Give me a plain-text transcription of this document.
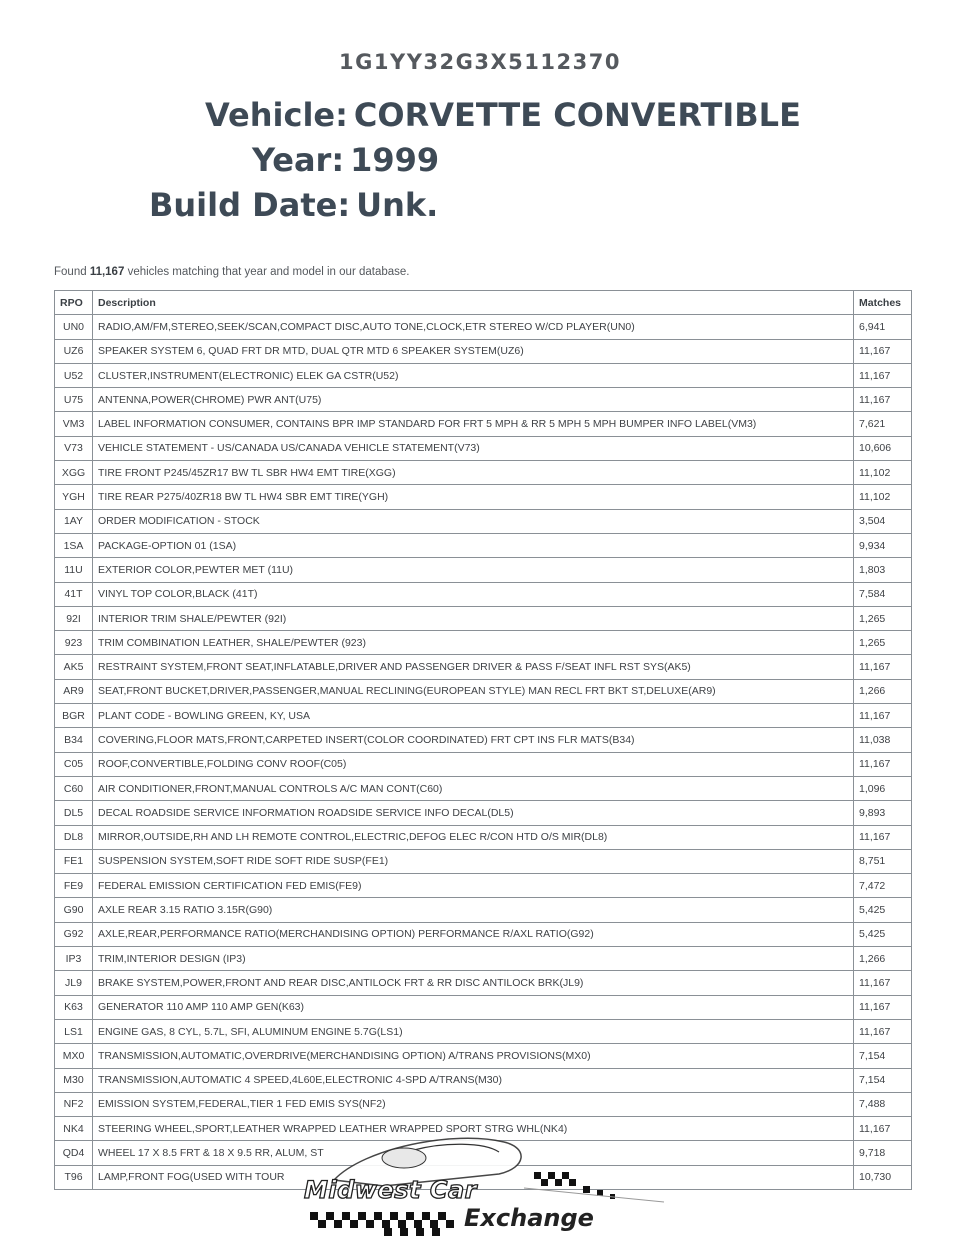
1G1YY32G3X5112370
Vehicle: CORVETTE CONVERTIBLE
Year: 1999
Build Date: Unk.
Found 11,167 vehicles matching that year and model in our database.
RPO	Description	Matches
UN0	RADIO,AM/FM,STEREO,SEEK/SCAN,COMPACT DISC,AUTO TONE,CLOCK,ETR STEREO W/CD PLAYER(UN0)	6,941
UZ6	SPEAKER SYSTEM 6, QUAD FRT DR MTD, DUAL QTR MTD 6 SPEAKER SYSTEM(UZ6)	11,167
U52	CLUSTER,INSTRUMENT(ELECTRONIC) ELEK GA CSTR(U52)	11,167
U75	ANTENNA,POWER(CHROME) PWR ANT(U75)	11,167
VM3	LABEL INFORMATION CONSUMER, CONTAINS BPR IMP STANDARD FOR FRT 5 MPH & RR 5 MPH 5 MPH BUMPER INFO LABEL(VM3)	7,621
V73	VEHICLE STATEMENT - US/CANADA US/CANADA VEHICLE STATEMENT(V73)	10,606
XGG	TIRE FRONT P245/45ZR17 BW TL SBR HW4 EMT TIRE(XGG)	11,102
YGH	TIRE REAR P275/40ZR18 BW TL HW4 SBR EMT TIRE(YGH)	11,102
1AY	ORDER MODIFICATION - STOCK	3,504
1SA	PACKAGE-OPTION 01 (1SA)	9,934
11U	EXTERIOR COLOR,PEWTER MET (11U)	1,803
41T	VINYL TOP COLOR,BLACK (41T)	7,584
92I	INTERIOR TRIM SHALE/PEWTER (92I)	1,265
923	TRIM COMBINATION LEATHER, SHALE/PEWTER (923)	1,265
AK5	RESTRAINT SYSTEM,FRONT SEAT,INFLATABLE,DRIVER AND PASSENGER DRIVER & PASS F/SEAT INFL RST SYS(AK5)	11,167
AR9	SEAT,FRONT BUCKET,DRIVER,PASSENGER,MANUAL RECLINING(EUROPEAN STYLE) MAN RECL FRT BKT ST,DELUXE(AR9)	1,266
BGR	PLANT CODE - BOWLING GREEN, KY, USA	11,167
B34	COVERING,FLOOR MATS,FRONT,CARPETED INSERT(COLOR COORDINATED) FRT CPT INS FLR MATS(B34)	11,038
C05	ROOF,CONVERTIBLE,FOLDING CONV ROOF(C05)	11,167
C60	AIR CONDITIONER,FRONT,MANUAL CONTROLS A/C MAN CONT(C60)	1,096
DL5	DECAL ROADSIDE SERVICE INFORMATION ROADSIDE SERVICE INFO DECAL(DL5)	9,893
DL8	MIRROR,OUTSIDE,RH AND LH REMOTE CONTROL,ELECTRIC,DEFOG ELEC R/CON HTD O/S MIR(DL8)	11,167
FE1	SUSPENSION SYSTEM,SOFT RIDE SOFT RIDE SUSP(FE1)	8,751
FE9	FEDERAL EMISSION CERTIFICATION FED EMIS(FE9)	7,472
G90	AXLE REAR 3.15 RATIO 3.15R(G90)	5,425
G92	AXLE,REAR,PERFORMANCE RATIO(MERCHANDISING OPTION) PERFORMANCE R/AXL RATIO(G92)	5,425
IP3	TRIM,INTERIOR DESIGN (IP3)	1,266
JL9	BRAKE SYSTEM,POWER,FRONT AND REAR DISC,ANTILOCK FRT & RR DISC ANTILOCK BRK(JL9)	11,167
K63	GENERATOR 110 AMP 110 AMP GEN(K63)	11,167
LS1	ENGINE GAS, 8 CYL, 5.7L, SFI, ALUMINUM ENGINE 5.7G(LS1)	11,167
MX0	TRANSMISSION,AUTOMATIC,OVERDRIVE(MERCHANDISING OPTION) A/TRANS PROVISIONS(MX0)	7,154
M30	TRANSMISSION,AUTOMATIC 4 SPEED,4L60E,ELECTRONIC 4-SPD A/TRANS(M30)	7,154
NF2	EMISSION SYSTEM,FEDERAL,TIER 1 FED EMIS SYS(NF2)	7,488
NK4	STEERING WHEEL,SPORT,LEATHER WRAPPED LEATHER WRAPPED SPORT STRG WHL(NK4)	11,167
QD4	WHEEL 17 X 8.5 FRT & 18 X 9.5 RR, ALUM, ST	9,718
T96	LAMP,FRONT FOG(USED WITH TOUR	10,730
Midwest Car
Exchange
